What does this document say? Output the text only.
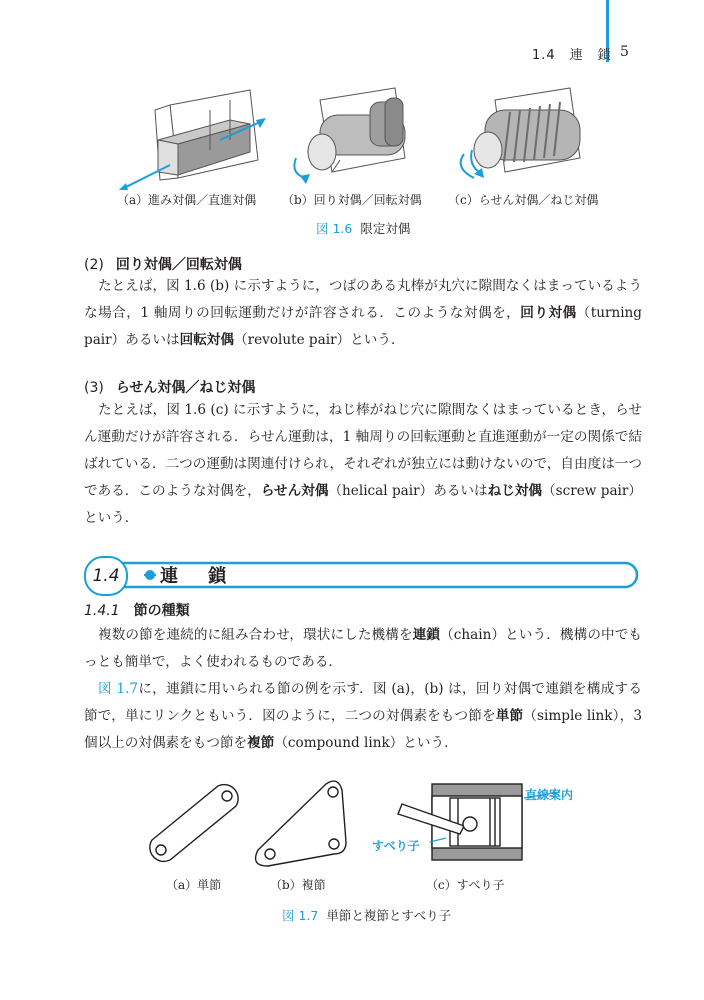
1.4　連　鎖 5
（a）進み対偶／直進対偶 （b）回り対偶／回転対偶 （c）らせん対偶／ねじ対偶
図 1.6 限定対偶
(2) 回り対偶／回転対偶

たとえば，図 1.6 (b) に示すように，つばのある丸棒が丸穴に隙間なくはまっているような場合，1 軸周りの回転運動だけが許容される．このような対偶を，回り対偶（turning pair）あるいは回転対偶（revolute pair）という．

(3) らせん対偶／ねじ対偶

たとえば，図 1.6 (c) に示すように，ねじ棒がねじ穴に隙間なくはまっているとき，らせん運動だけが許容される．らせん運動は，1 軸周りの回転運動と直進運動が一定の関係で結ばれている．二つの運動は関連付けられ，それぞれが独立には動けないので，自由度は一つである．このような対偶を，らせん対偶（helical pair）あるいはねじ対偶（screw pair）という．

1.4	連 鎖
1.4.1 節の種類

複数の節を連続的に組み合わせ，環状にした機構を連鎖（chain）という．機構の中でもっとも簡単で，よく使われるものである．

図 1.7に，連鎖に用いられる節の例を示す．図 (a)，(b) は，回り対偶で連鎖を構成する節で，単にリンクともいう．図のように，二つの対偶素をもつ節を単節（simple link），3 個以上の対偶素をもつ節を複節（compound link）という．

直線案内
すべり子
（a）単節	（b）複節	（c）すべり子
図 1.7 単節と複節とすべり子
